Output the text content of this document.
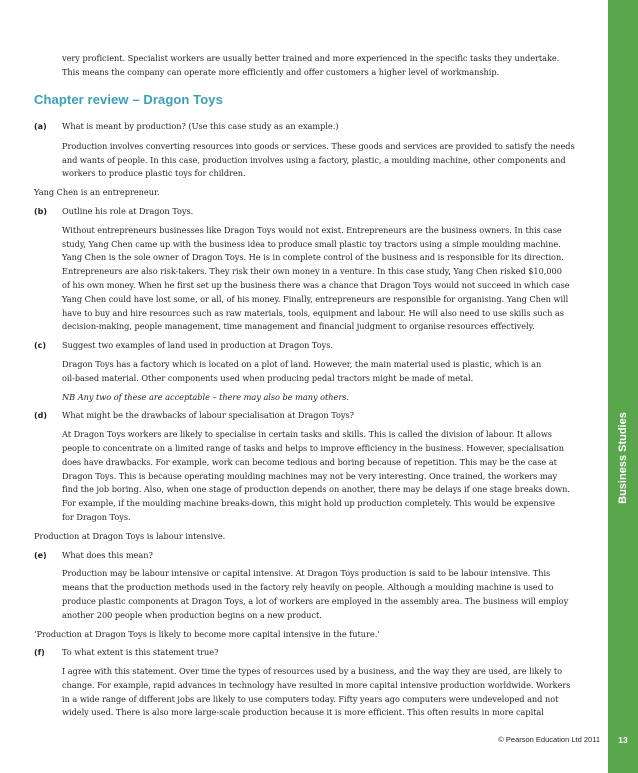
Business Studies
very proficient. Specialist workers are usually better trained and more experienced in the specific tasks they undertake.
This means the company can operate more efficiently and offer customers a higher level of workmanship.
(a) What is meant by production? (Use this case study as an example.)
Production involves converting resources into goods or services. These goods and services are provided to satisfy the needs
and wants of people. In this case, production involves using a factory, plastic, a moulding machine, other components and
workers to produce plastic toys for children.
Yang Chen is an entrepreneur.
(b) Outline his role at Dragon Toys.
Without entrepreneurs businesses like Dragon Toys would not exist. Entrepreneurs are the business owners. In this case
study, Yang Chen came up with the business idea to produce small plastic toy tractors using a simple moulding machine.
Yang Chen is the sole owner of Dragon Toys. He is in complete control of the business and is responsible for its direction.
Entrepreneurs are also risk-takers. They risk their own money in a venture. In this case study, Yang Chen risked $10,000
of his own money. When he first set up the business there was a chance that Dragon Toys would not succeed in which case
Yang Chen could have lost some, or all, of his money. Finally, entrepreneurs are responsible for organising. Yang Chen will
have to buy and hire resources such as raw materials, tools, equipment and labour. He will also need to use skills such as
decision-making, people management, time management and financial judgment to organise resources effectively.
(c) Suggest two examples of land used in production at Dragon Toys.
Dragon Toys has a factory which is located on a plot of land. However, the main material used is plastic, which is an
oil-based material. Other components used when producing pedal tractors might be made of metal.
NB Any two of these are acceptable – there may also be many others.
(d) What might be the drawbacks of labour specialisation at Dragon Toys?
At Dragon Toys workers are likely to specialise in certain tasks and skills. This is called the division of labour. It allows
people to concentrate on a limited range of tasks and helps to improve efficiency in the business. However, specialisation
does have drawbacks. For example, work can become tedious and boring because of repetition. This may be the case at
Dragon Toys. This is because operating moulding machines may not be very interesting. Once trained, the workers may
find the job boring. Also, when one stage of production depends on another, there may be delays if one stage breaks down.
For example, if the moulding machine breaks-down, this might hold up production completely. This would be expensive
for Dragon Toys.
Production at Dragon Toys is labour intensive.
(e) What does this mean?
Production may be labour intensive or capital intensive. At Dragon Toys production is said to be labour intensive. This
means that the production methods used in the factory rely heavily on people. Although a moulding machine is used to
produce plastic components at Dragon Toys, a lot of workers are employed in the assembly area. The business will employ
another 200 people when production begins on a new product.
‘Production at Dragon Toys is likely to become more capital intensive in the future.’
(f) To what extent is this statement true?
I agree with this statement. Over time the types of resources used by a business, and the way they are used, are likely to
change. For example, rapid advances in technology have resulted in more capital intensive production worldwide. Workers
in a wide range of different jobs are likely to use computers today. Fifty years ago computers were undeveloped and not
widely used. There is also more large-scale production because it is more efficient. This often results in more capital
Chapter review – Dragon Toys
© Pearson Education Ltd 2011	13
